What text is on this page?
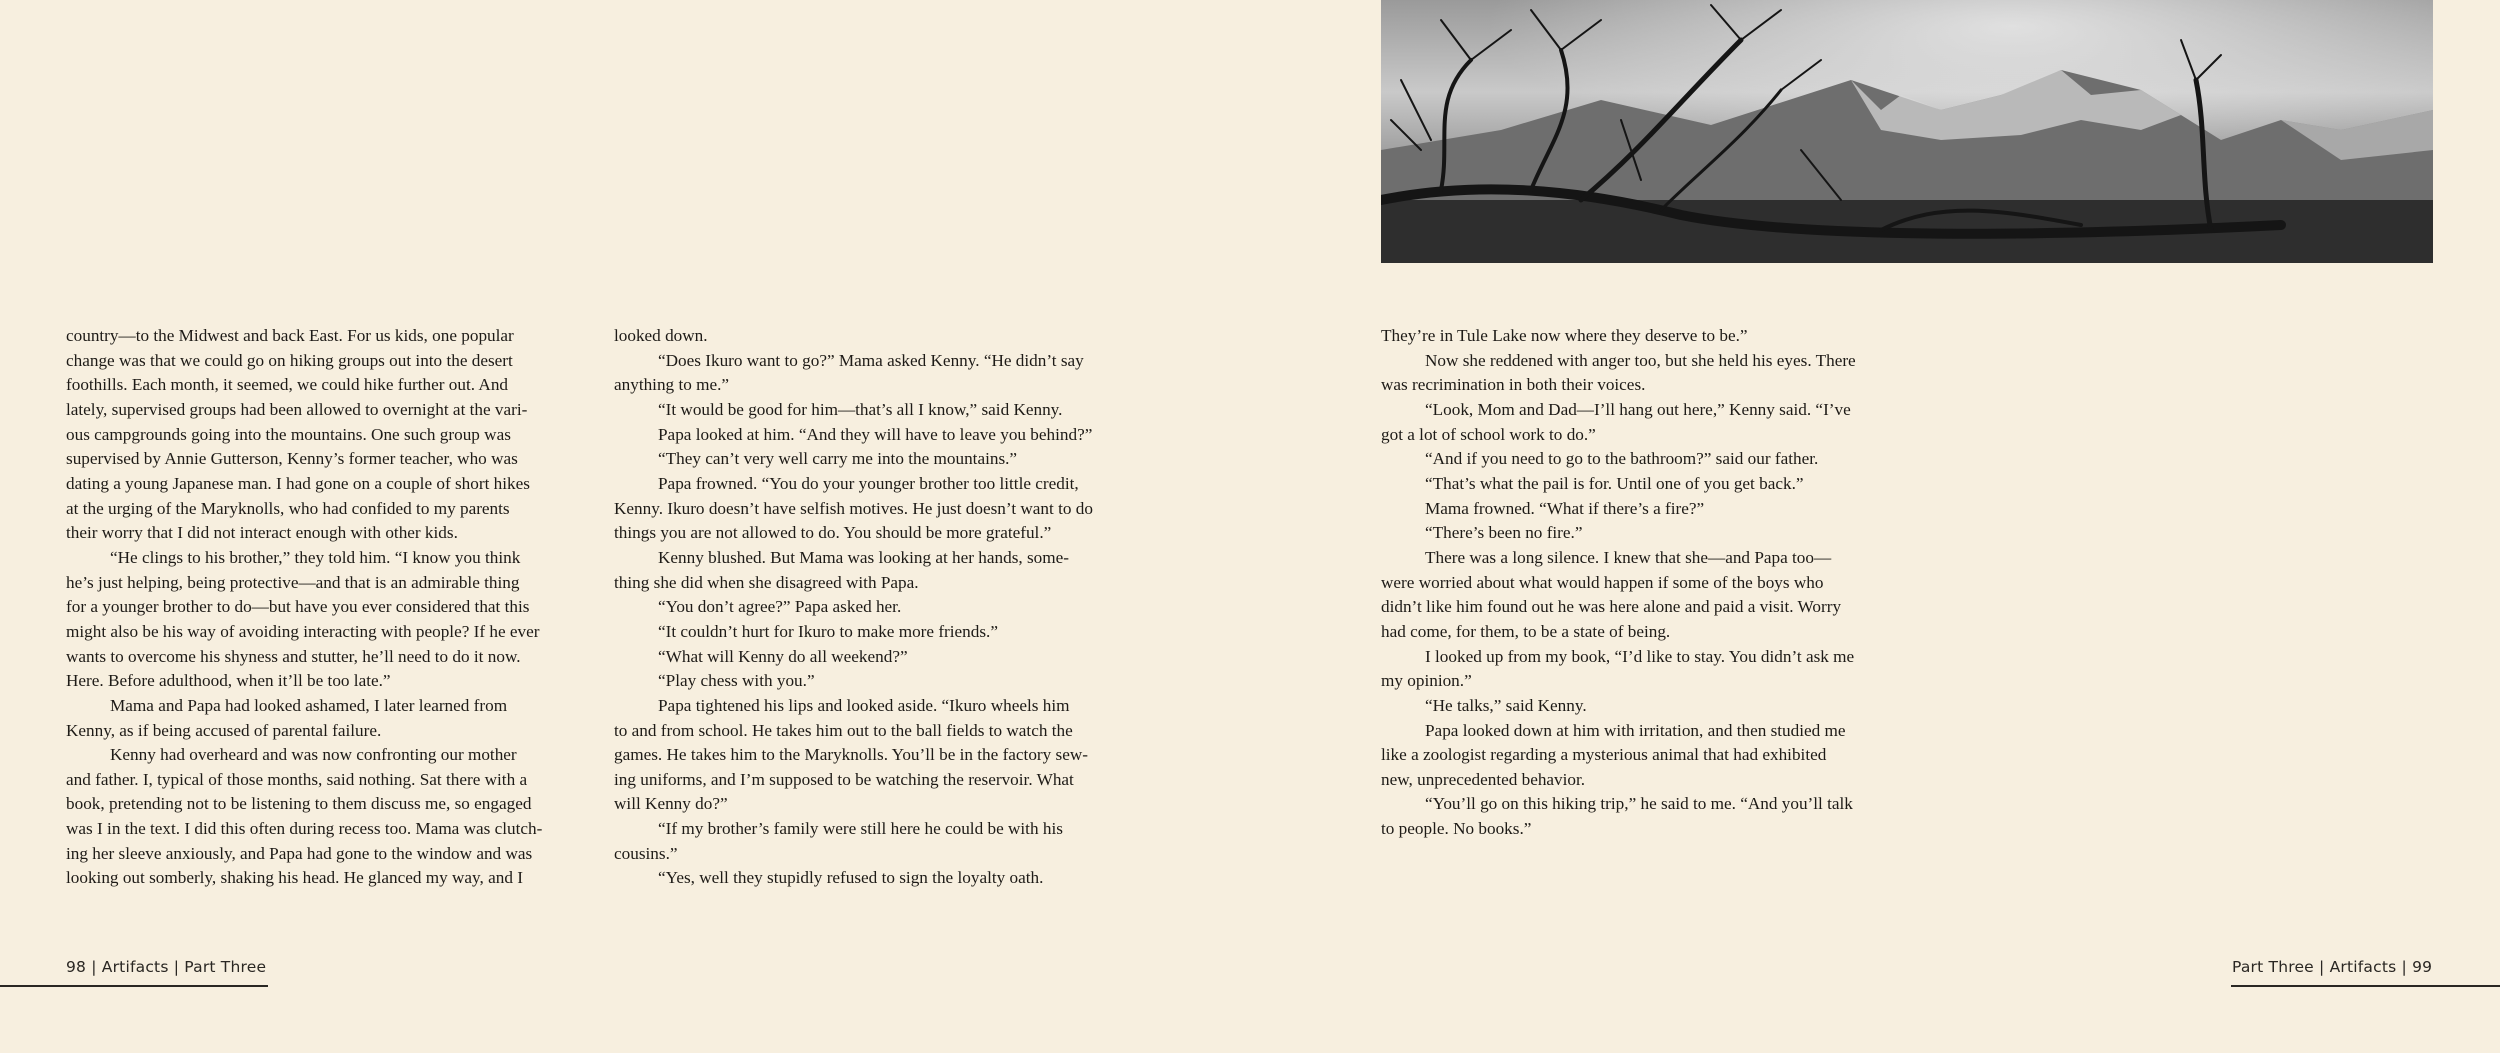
country—to the Midwest and back East. For us kids, one popular
change was that we could go on hiking groups out into the desert
foothills. Each month, it seemed, we could hike further out. And
lately, supervised groups had been allowed to overnight at the vari-
ous campgrounds going into the mountains. One such group was
supervised by Annie Gutterson, Kenny’s former teacher, who was
dating a young Japanese man. I had gone on a couple of short hikes
at the urging of the Maryknolls, who had confided to my parents
their worry that I did not interact enough with other kids.
“He clings to his brother,” they told him. “I know you think
he’s just helping, being protective—and that is an admirable thing
for a younger brother to do—but have you ever considered that this
might also be his way of avoiding interacting with people? If he ever
wants to overcome his shyness and stutter, he’ll need to do it now.
Here. Before adulthood, when it’ll be too late.”
Mama and Papa had looked ashamed, I later learned from
Kenny, as if being accused of parental failure.
Kenny had overheard and was now confronting our mother
and father. I, typical of those months, said nothing. Sat there with a
book, pretending not to be listening to them discuss me, so engaged
was I in the text. I did this often during recess too. Mama was clutch-
ing her sleeve anxiously, and Papa had gone to the window and was
looking out somberly, shaking his head. He glanced my way, and I
looked down.
“Does Ikuro want to go?” Mama asked Kenny. “He didn’t say
anything to me.”
“It would be good for him—that’s all I know,” said Kenny.
Papa looked at him. “And they will have to leave you behind?”
“They can’t very well carry me into the mountains.”
Papa frowned. “You do your younger brother too little credit,
Kenny. Ikuro doesn’t have selfish motives. He just doesn’t want to do
things you are not allowed to do. You should be more grateful.”
Kenny blushed. But Mama was looking at her hands, some-
thing she did when she disagreed with Papa.
“You don’t agree?” Papa asked her.
“It couldn’t hurt for Ikuro to make more friends.”
“What will Kenny do all weekend?”
“Play chess with you.”
Papa tightened his lips and looked aside. “Ikuro wheels him
to and from school. He takes him out to the ball fields to watch the
games. He takes him to the Maryknolls. You’ll be in the factory sew-
ing uniforms, and I’m supposed to be watching the reservoir. What
will Kenny do?”
“If my brother’s family were still here he could be with his
cousins.”
“Yes, well they stupidly refused to sign the loyalty oath.
They’re in Tule Lake now where they deserve to be.”
Now she reddened with anger too, but she held his eyes. There
was recrimination in both their voices.
“Look, Mom and Dad—I’ll hang out here,” Kenny said. “I’ve
got a lot of school work to do.”
“And if you need to go to the bathroom?” said our father.
“That’s what the pail is for. Until one of you get back.”
Mama frowned. “What if there’s a fire?”
“There’s been no fire.”
There was a long silence. I knew that she—and Papa too—
were worried about what would happen if some of the boys who
didn’t like him found out he was here alone and paid a visit. Worry
had come, for them, to be a state of being.
I looked up from my book, “I’d like to stay. You didn’t ask me
my opinion.”
“He talks,” said Kenny.
Papa looked down at him with irritation, and then studied me
like a zoologist regarding a mysterious animal that had exhibited
new, unprecedented behavior.
“You’ll go on this hiking trip,” he said to me. “And you’ll talk
to people. No books.”
98 | Artifacts | Part Three	Part Three | Artifacts | 99
